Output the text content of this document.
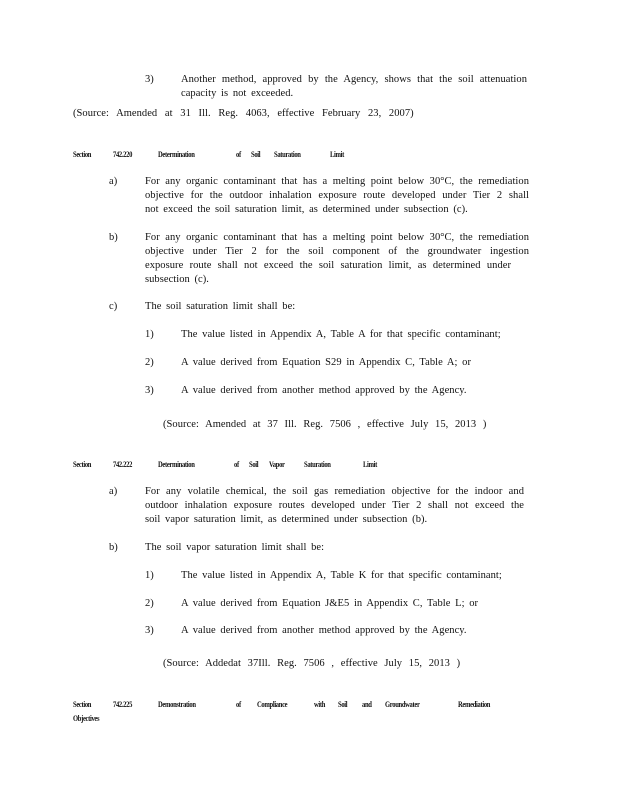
3)	Another method, approved by the Agency, shows that the soil attenuation
capacity is not exceeded.
(Source: Amended at 31 Ill. Reg. 4063, effective February 23, 2007)
Section	742.220	Determination	of Soil Saturation	Limit
a)	For any organic contaminant that has a melting point below 30°C, the remediation
objective for the outdoor inhalation exposure route developed under Tier 2 shall
not exceed the soil saturation limit, as determined under subsection (c).
b)	For any organic contaminant that has a melting point below 30°C, the remediation
objective under Tier 2 for the soil component of the groundwater ingestion
exposure route shall not exceed the soil saturation limit, as determined under
subsection (c).
c)	The soil saturation limit shall be:
1)	The value listed in Appendix A, Table A for that specific contaminant;
2)	A value derived from Equation S29 in Appendix C, Table A; or
3)	A value derived from another method approved by the Agency.
(Source: Amended at 37 Ill. Reg. 7506 , effective July 15, 2013 )
Section	742.222	Determination	of Soil Vapor Saturation	Limit
a)	For any volatile chemical, the soil gas remediation objective for the indoor and
outdoor inhalation exposure routes developed under Tier 2 shall not exceed the
soil vapor saturation limit, as determined under subsection (b).
b)	The soil vapor saturation limit shall be:
1)	The value listed in Appendix A, Table K for that specific contaminant;
2)	A value derived from Equation J&E5 in Appendix C, Table L; or
3)	A value derived from another method approved by the Agency.
(Source: Addedat 37Ill. Reg. 7506 , effective July 15, 2013 )
Section	742.225	Demonstration	of Compliance	with Soil and Groundwater	Remediation
Objectives
